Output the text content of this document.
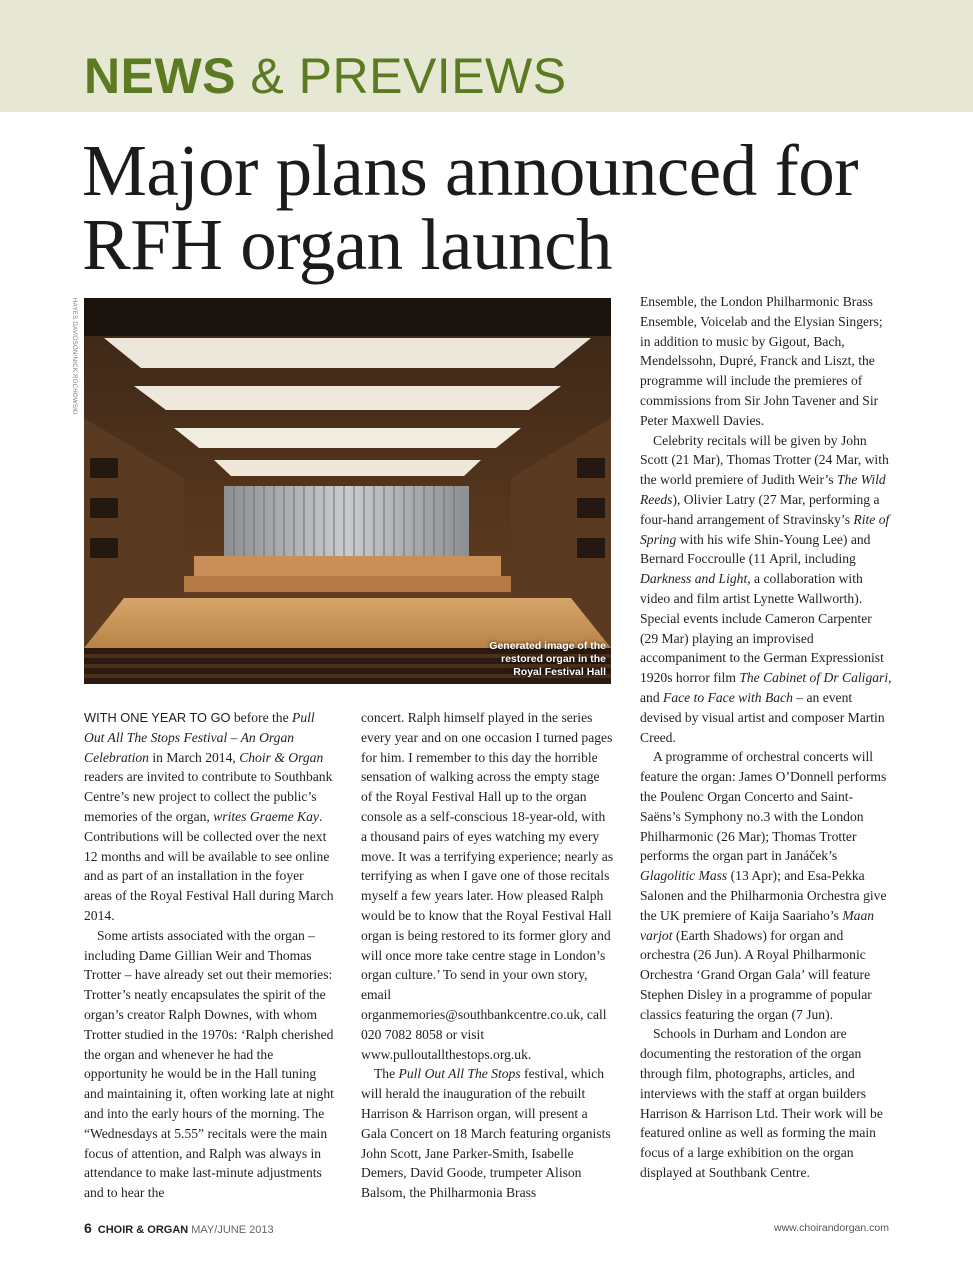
NEWS & PREVIEWS
Major plans announced for RFH organ launch
HAYES DAVIDSON/NICK ROCHOWSKI
Generated image of the
restored organ in the
Royal Festival Hall

WITH ONE YEAR TO GO before the Pull Out All The Stops Festival – An Organ Celebration in March 2014, Choir & Organ readers are invited to contribute to Southbank Centre’s new project to collect the public’s memories of the organ, writes Graeme Kay. Contributions will be collected over the next 12 months and will be available to see online and as part of an installation in the foyer areas of the Royal Festival Hall during March 2014.

Some artists associated with the organ – including Dame Gillian Weir and Thomas Trotter – have already set out their memories: Trotter’s neatly encapsulates the spirit of the organ’s creator Ralph Downes, with whom Trotter studied in the 1970s: ‘Ralph cherished the organ and whenever he had the opportunity he would be in the Hall tuning and maintaining it, often working late at night and into the early hours of the morning. The “Wednesdays at 5.55” recitals were the main focus of attention, and Ralph was always in attendance to make last-minute adjustments and to hear the

concert. Ralph himself played in the series every year and on one occasion I turned pages for him. I remember to this day the horrible sensation of walking across the empty stage of the Royal Festival Hall up to the organ console as a self-conscious 18-year-old, with a thousand pairs of eyes watching my every move. It was a terrifying experience; nearly as terrifying as when I gave one of those recitals myself a few years later. How pleased Ralph would be to know that the Royal Festival Hall organ is being restored to its former glory and will once more take centre stage in London’s organ culture.’ To send in your own story, email organmemories@southbankcentre.co.uk, call 020 7082 8058 or visit www.pulloutallthestops.org.uk.

The Pull Out All The Stops festival, which will herald the inauguration of the rebuilt Harrison & Harrison organ, will present a Gala Concert on 18 March featuring organists John Scott, Jane Parker-Smith, Isabelle Demers, David Goode, trumpeter Alison Balsom, the Philharmonia Brass

Ensemble, the London Philharmonic Brass Ensemble, Voicelab and the Elysian Singers; in addition to music by Gigout, Bach, Mendelssohn, Dupré, Franck and Liszt, the programme will include the premieres of commissions from Sir John Tavener and Sir Peter Maxwell Davies.

Celebrity recitals will be given by John Scott (21 Mar), Thomas Trotter (24 Mar, with the world premiere of Judith Weir’s The Wild Reeds), Olivier Latry (27 Mar, performing a four-hand arrangement of Stravinsky’s Rite of Spring with his wife Shin-Young Lee) and Bernard Foccroulle (11 April, including Darkness and Light, a collaboration with video and film artist Lynette Wallworth). Special events include Cameron Carpenter (29 Mar) playing an improvised accompaniment to the German Expressionist 1920s horror film The Cabinet of Dr Caligari, and Face to Face with Bach – an event devised by visual artist and composer Martin Creed.

A programme of orchestral concerts will feature the organ: James O’Donnell performs the Poulenc Organ Concerto and Saint-Saëns’s Symphony no.3 with the London Philharmonic (26 Mar); Thomas Trotter performs the organ part in Janáček’s Glagolitic Mass (13 Apr); and Esa-Pekka Salonen and the Philharmonia Orchestra give the UK premiere of Kaija Saariaho’s Maan varjot (Earth Shadows) for organ and orchestra (26 Jun). A Royal Philharmonic Orchestra ‘Grand Organ Gala’ will feature Stephen Disley in a programme of popular classics featuring the organ (7 Jun).

Schools in Durham and London are documenting the restoration of the organ through film, photographs, articles, and interviews with the staff at organ builders Harrison & Harrison Ltd. Their work will be featured online as well as forming the main focus of a large exhibition on the organ displayed at Southbank Centre.

6 CHOIR & ORGAN MAY/JUNE 2013	www.choirandorgan.com
